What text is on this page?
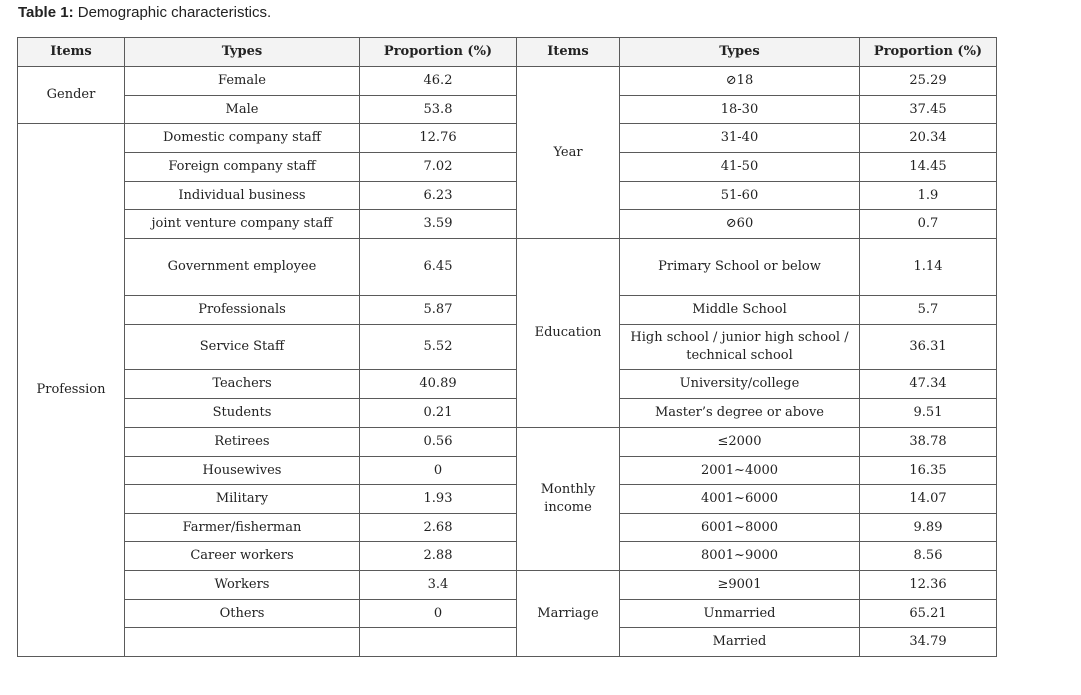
Table 1: Demographic characteristics.
Items	Types	Proportion (%)	Items	Types	Proportion (%)
Gender	Female	46.2	Year	⊘18	25.29
	Male	53.8		18-30	37.45
Profession	Domestic company staff	12.76		31-40	20.34
	Foreign company staff	7.02		41-50	14.45
	Individual business	6.23		51-60	1.9
	joint venture company staff	3.59		⊘60	0.7
	Government employee	6.45	Education	Primary School or below	1.14
	Professionals	5.87		Middle School	5.7
	Service Staff	5.52		High school / junior high school / technical school	36.31
	Teachers	40.89		University/college	47.34
	Students	0.21		Master’s degree or above	9.51
	Retirees	0.56	Monthly income	≤2000	38.78
	Housewives	0		2001~4000	16.35
	Military	1.93		4001~6000	14.07
	Farmer/fisherman	2.68		6001~8000	9.89
	Career workers	2.88		8001~9000	8.56
	Workers	3.4	Marriage	≥9001	12.36
	Others	0		Unmarried	65.21
				Married	34.79
